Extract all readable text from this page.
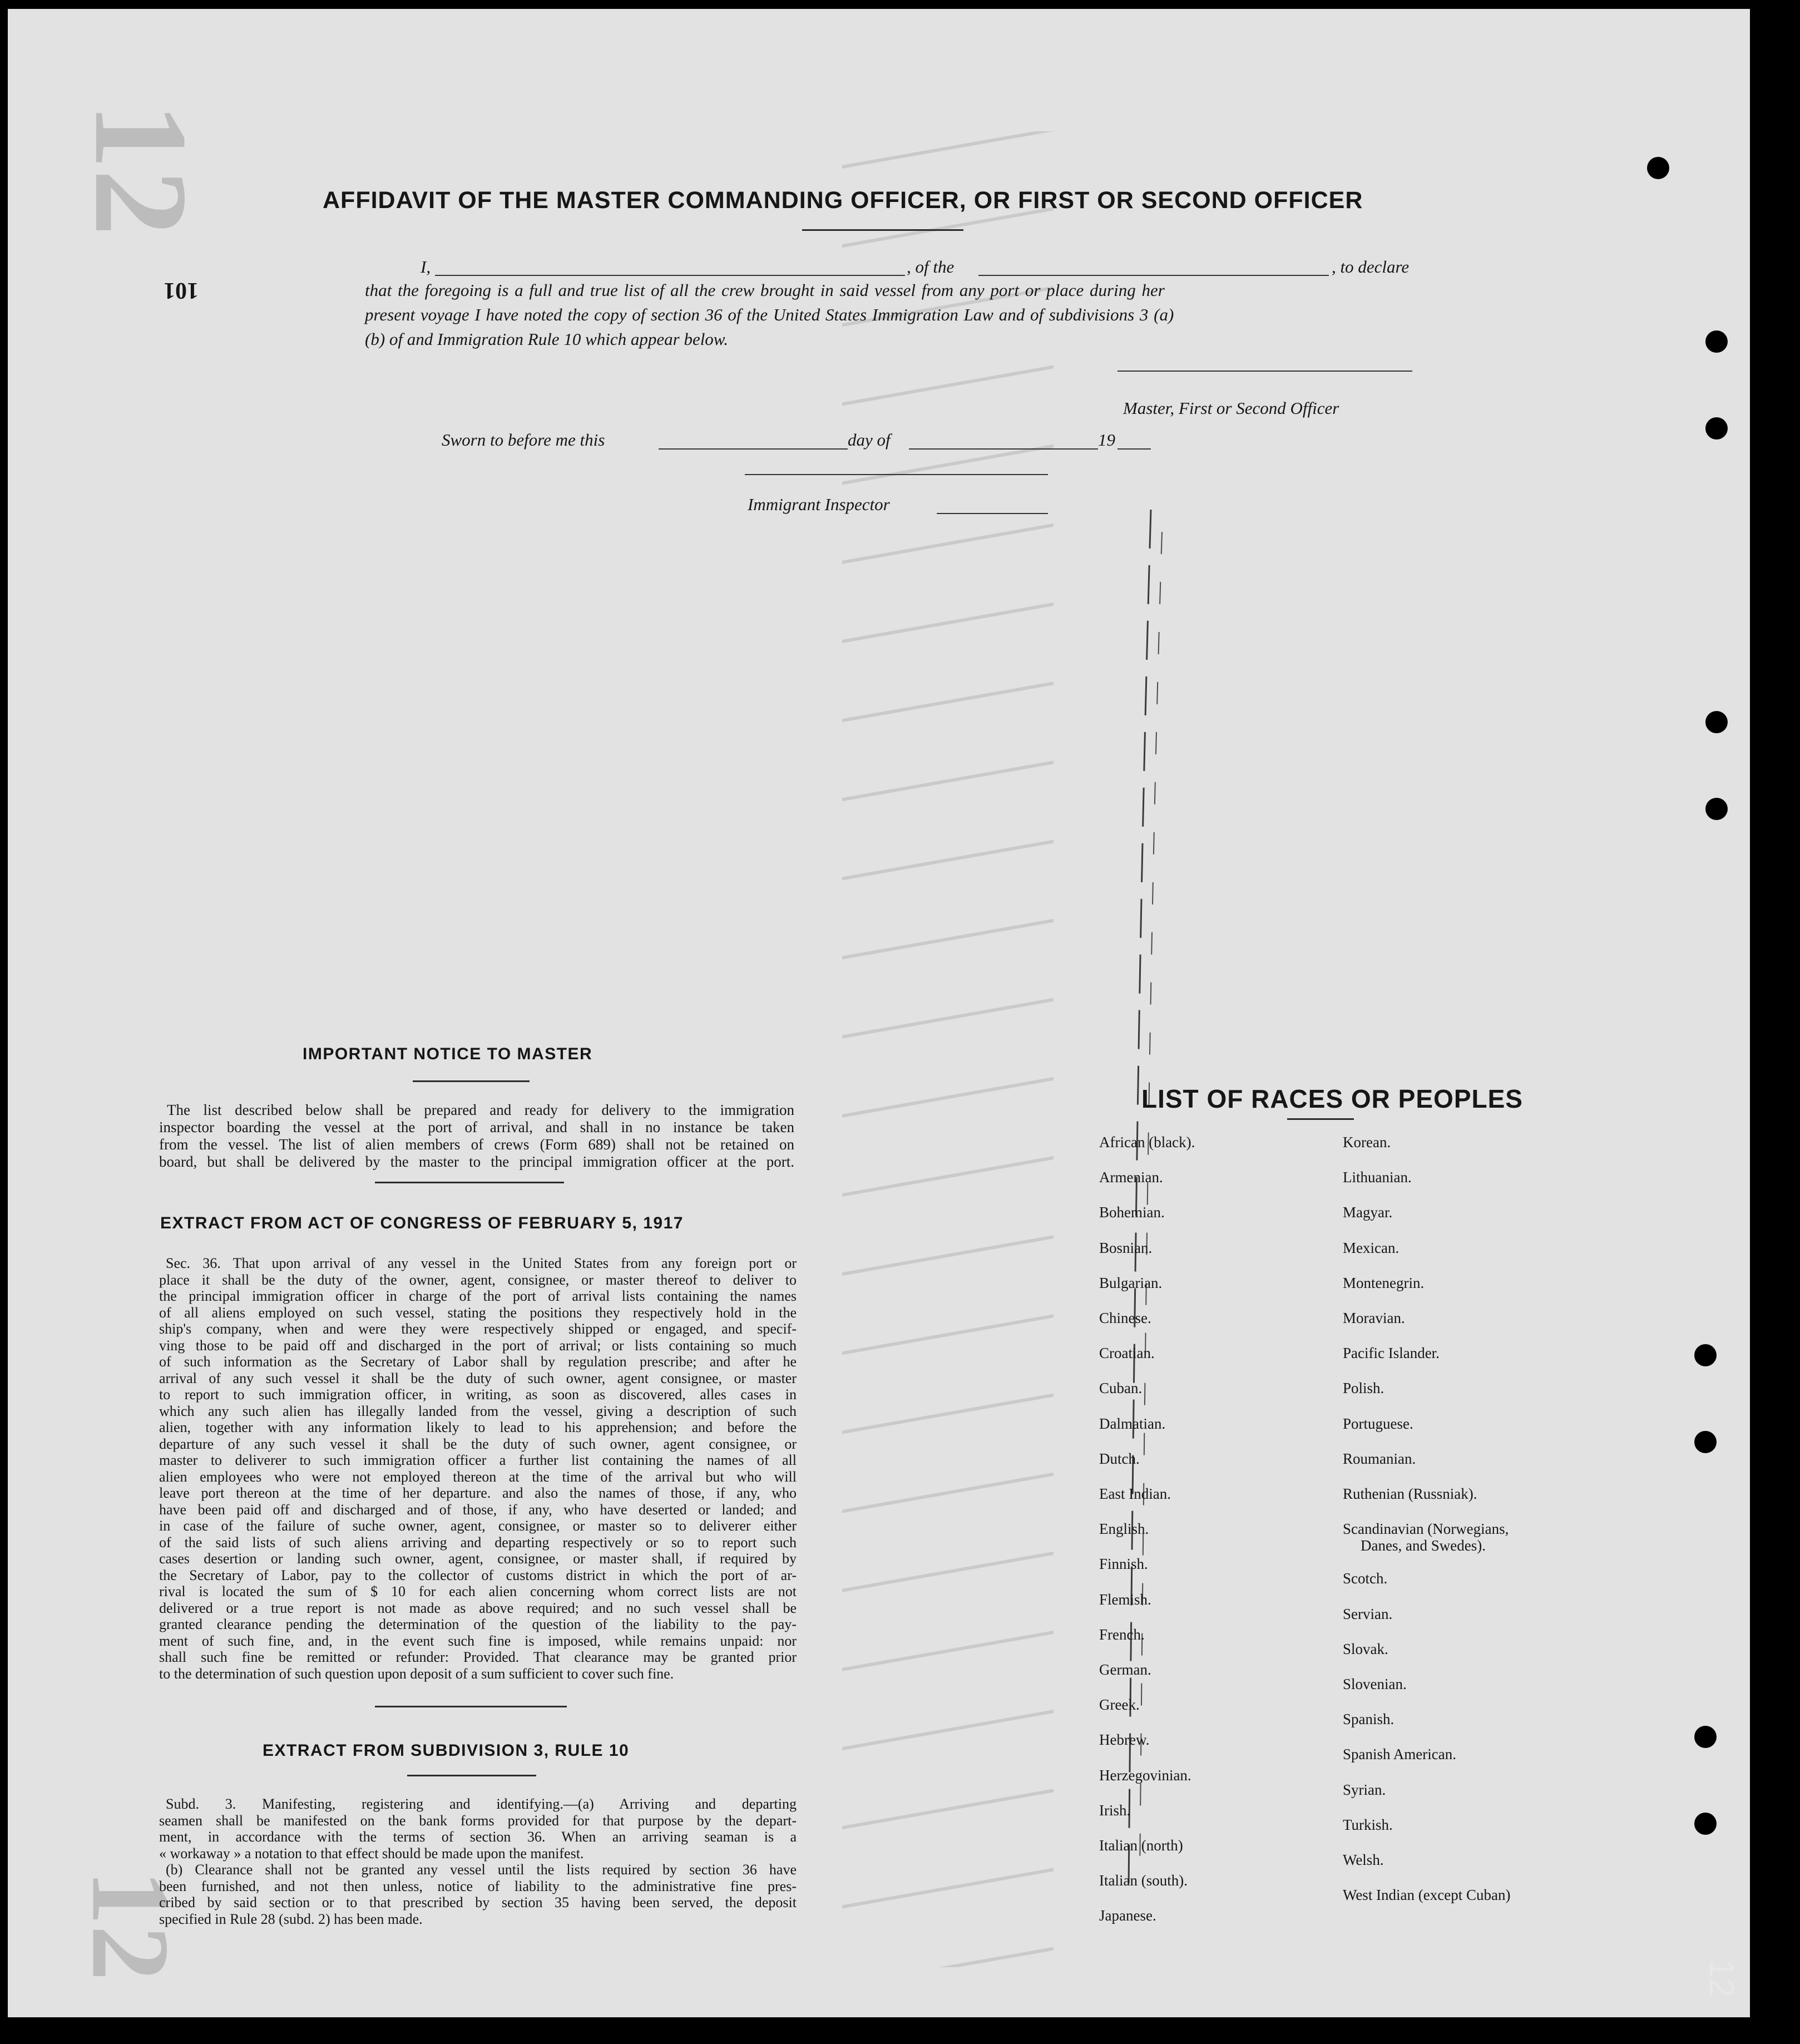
12
12
AFFIDAVIT OF THE MASTER COMMANDING OFFICER, OR FIRST OR SECOND OFFICER
I,	, of the	, to declare
that the foregoing is a full and true list of all the crew brought in said vessel from any port or place during her
present voyage I have noted the copy of section 36 of the United States Immigration Law and of subdivisions 3 (a)
(b) of and Immigration Rule 10 which appear below.
Master, First or Second Officer
Sworn to before me this	day of	19
Immigrant Inspector
101
IMPORTANT NOTICE TO MASTER
The list described below shall be prepared and ready for delivery to the immigration
inspector boarding the vessel at the port of arrival, and shall in no instance be taken
from the vessel. The list of alien members of crews (Form 689) shall not be retained on
board, but shall be delivered by the master to the principal immigration officer at the port.
EXTRACT FROM ACT OF CONGRESS OF FEBRUARY 5, 1917
Sec. 36. That upon arrival of any vessel in the United States from any foreign port or
place it shall be the duty of the owner, agent, consignee, or master thereof to deliver to
the principal immigration officer in charge of the port of arrival lists containing the names
of all aliens employed on such vessel, stating the positions they respectively hold in the
ship's company, when and were they were respectively shipped or engaged, and specif-
ving those to be paid off and discharged in the port of arrival; or lists containing so much
of such information as the Secretary of Labor shall by regulation prescribe; and after he
arrival of any such vessel it shall be the duty of such owner, agent consignee, or master
to report to such immigration officer, in writing, as soon as discovered, alles cases in
which any such alien has illegally landed from the vessel, giving a description of such
alien, together with any information likely to lead to his apprehension; and before the
departure of any such vessel it shall be the duty of such owner, agent consignee, or
master to deliverer to such immigration officer a further list containing the names of all
alien employees who were not employed thereon at the time of the arrival but who will
leave port thereon at the time of her departure. and also the names of those, if any, who
have been paid off and discharged and of those, if any, who have deserted or landed; and
in case of the failure of suche owner, agent, consignee, or master so to deliverer either
of the said lists of such aliens arriving and departing respectively or so to report such
cases desertion or landing such owner, agent, consignee, or master shall, if required by
the Secretary of Labor, pay to the collector of customs district in which the port of ar-
rival is located the sum of $ 10 for each alien concerning whom correct lists are not
delivered or a true report is not made as above required; and no such vessel shall be
granted clearance pending the determination of the question of the liability to the pay-
ment of such fine, and, in the event such fine is imposed, while remains unpaid: nor
shall such fine be remitted or refunder: Provided. That clearance may be granted prior
to the determination of such question upon deposit of a sum sufficient to cover such fine.
EXTRACT FROM SUBDIVISION 3, RULE 10
Subd. 3. Manifesting, registering and identifying.—(a) Arriving and departing
seamen shall be manifested on the bank forms provided for that purpose by the depart-
ment, in accordance with the terms of section 36. When an arriving seaman is a
« workaway » a notation to that effect should be made upon the manifest.
(b) Clearance shall not be granted any vessel until the lists required by section 36 have
been furnished, and not then unless, notice of liability to the administrative fine pres-
cribed by said section or to that prescribed by section 35 having been served, the deposit
specified in Rule 28 (subd. 2) has been made.
LIST OF RACES OR PEOPLES
African (black).
Armenian.
Bohemian.
Bosnian.
Bulgarian.
Chinese.
Croatian.
Cuban.
Dalmatian.
Dutch.
East Indian.
English.
Finnish.
Flemish.
French.
German.
Greek.
Hebrew.
Herzegovinian.
Irish.
Italian (north)
Italian (south).
Japanese.
Korean.
Lithuanian.
Magyar.
Mexican.
Montenegrin.
Moravian.
Pacific Islander.
Polish.
Portuguese.
Roumanian.
Ruthenian (Russniak).
Scandinavian (Norwegians,
Danes, and Swedes).
Scotch.
Servian.
Slovak.
Slovenian.
Spanish.
Spanish American.
Syrian.
Turkish.
Welsh.
West Indian (except Cuban)
12
